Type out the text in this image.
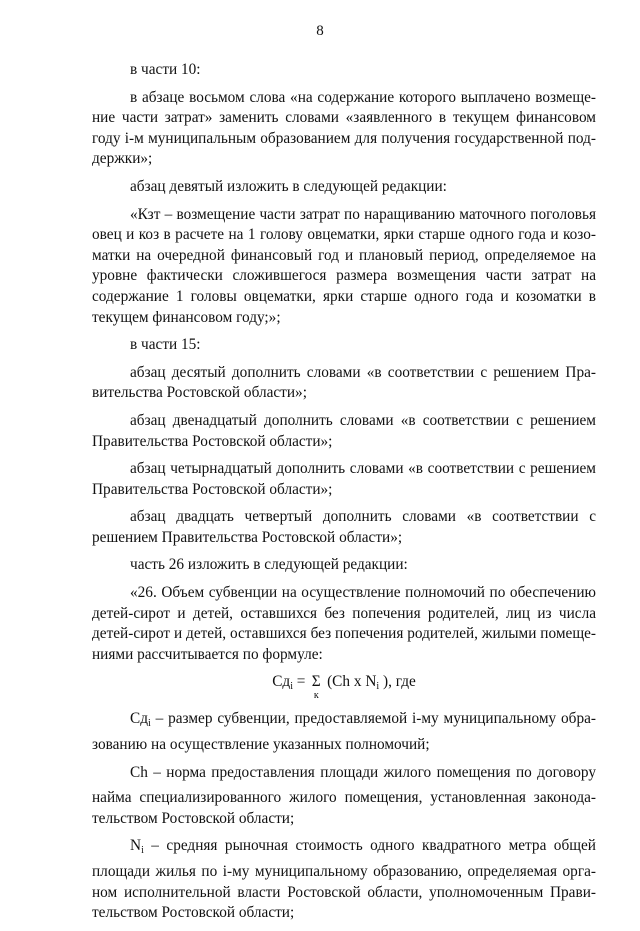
8

в части 10:

в абзаце восьмом слова «на содержание которого выплачено возмещение части затрат» заменить словами «заявленного в текущем финансовом году i-м муниципальным образованием для получения государственной поддержки»;

абзац девятый изложить в следующей редакции:

«Кзт – возмещение части затрат по наращиванию маточного поголовья овец и коз в расчете на 1 голову овцематки, ярки старше одного года и козоматки на очередной финансовый год и плановый период, определяемое на уровне фактически сложившегося размера возмещения части затрат на содержание 1 головы овцематки, ярки старше одного года и козоматки в текущем финансовом году;»;

в части 15:

абзац десятый дополнить словами «в соответствии с решением Правительства Ростовской области»;

абзац двенадцатый дополнить словами «в соответствии с решением Правительства Ростовской области»;

абзац четырнадцатый дополнить словами «в соответствии с решением Правительства Ростовской области»;

абзац двадцать четвертый дополнить словами «в соответствии с решением Правительства Ростовской области»;

часть 26 изложить в следующей редакции:

«26. Объем субвенции на осуществление полномочий по обеспечению детей-сирот и детей, оставшихся без попечения родителей, лиц из числа детей-сирот и детей, оставшихся без попечения родителей, жилыми помещениями рассчитывается по формуле:

$Сд_i = \Sigma$
к
(Ch x $N_i$ ), где

Сдi – размер субвенции, предоставляемой i-му муниципальному образованию на осуществление указанных полномочий;

Ch – норма предоставления площади жилого помещения по договору найма специализированного жилого помещения, установленная законодательством Ростовской области;

Ni – средняя рыночная стоимость одного квадратного метра общей площади жилья по i-му муниципальному образованию, определяемая органом исполнительной власти Ростовской области, уполномоченным Правительством Ростовской области;
